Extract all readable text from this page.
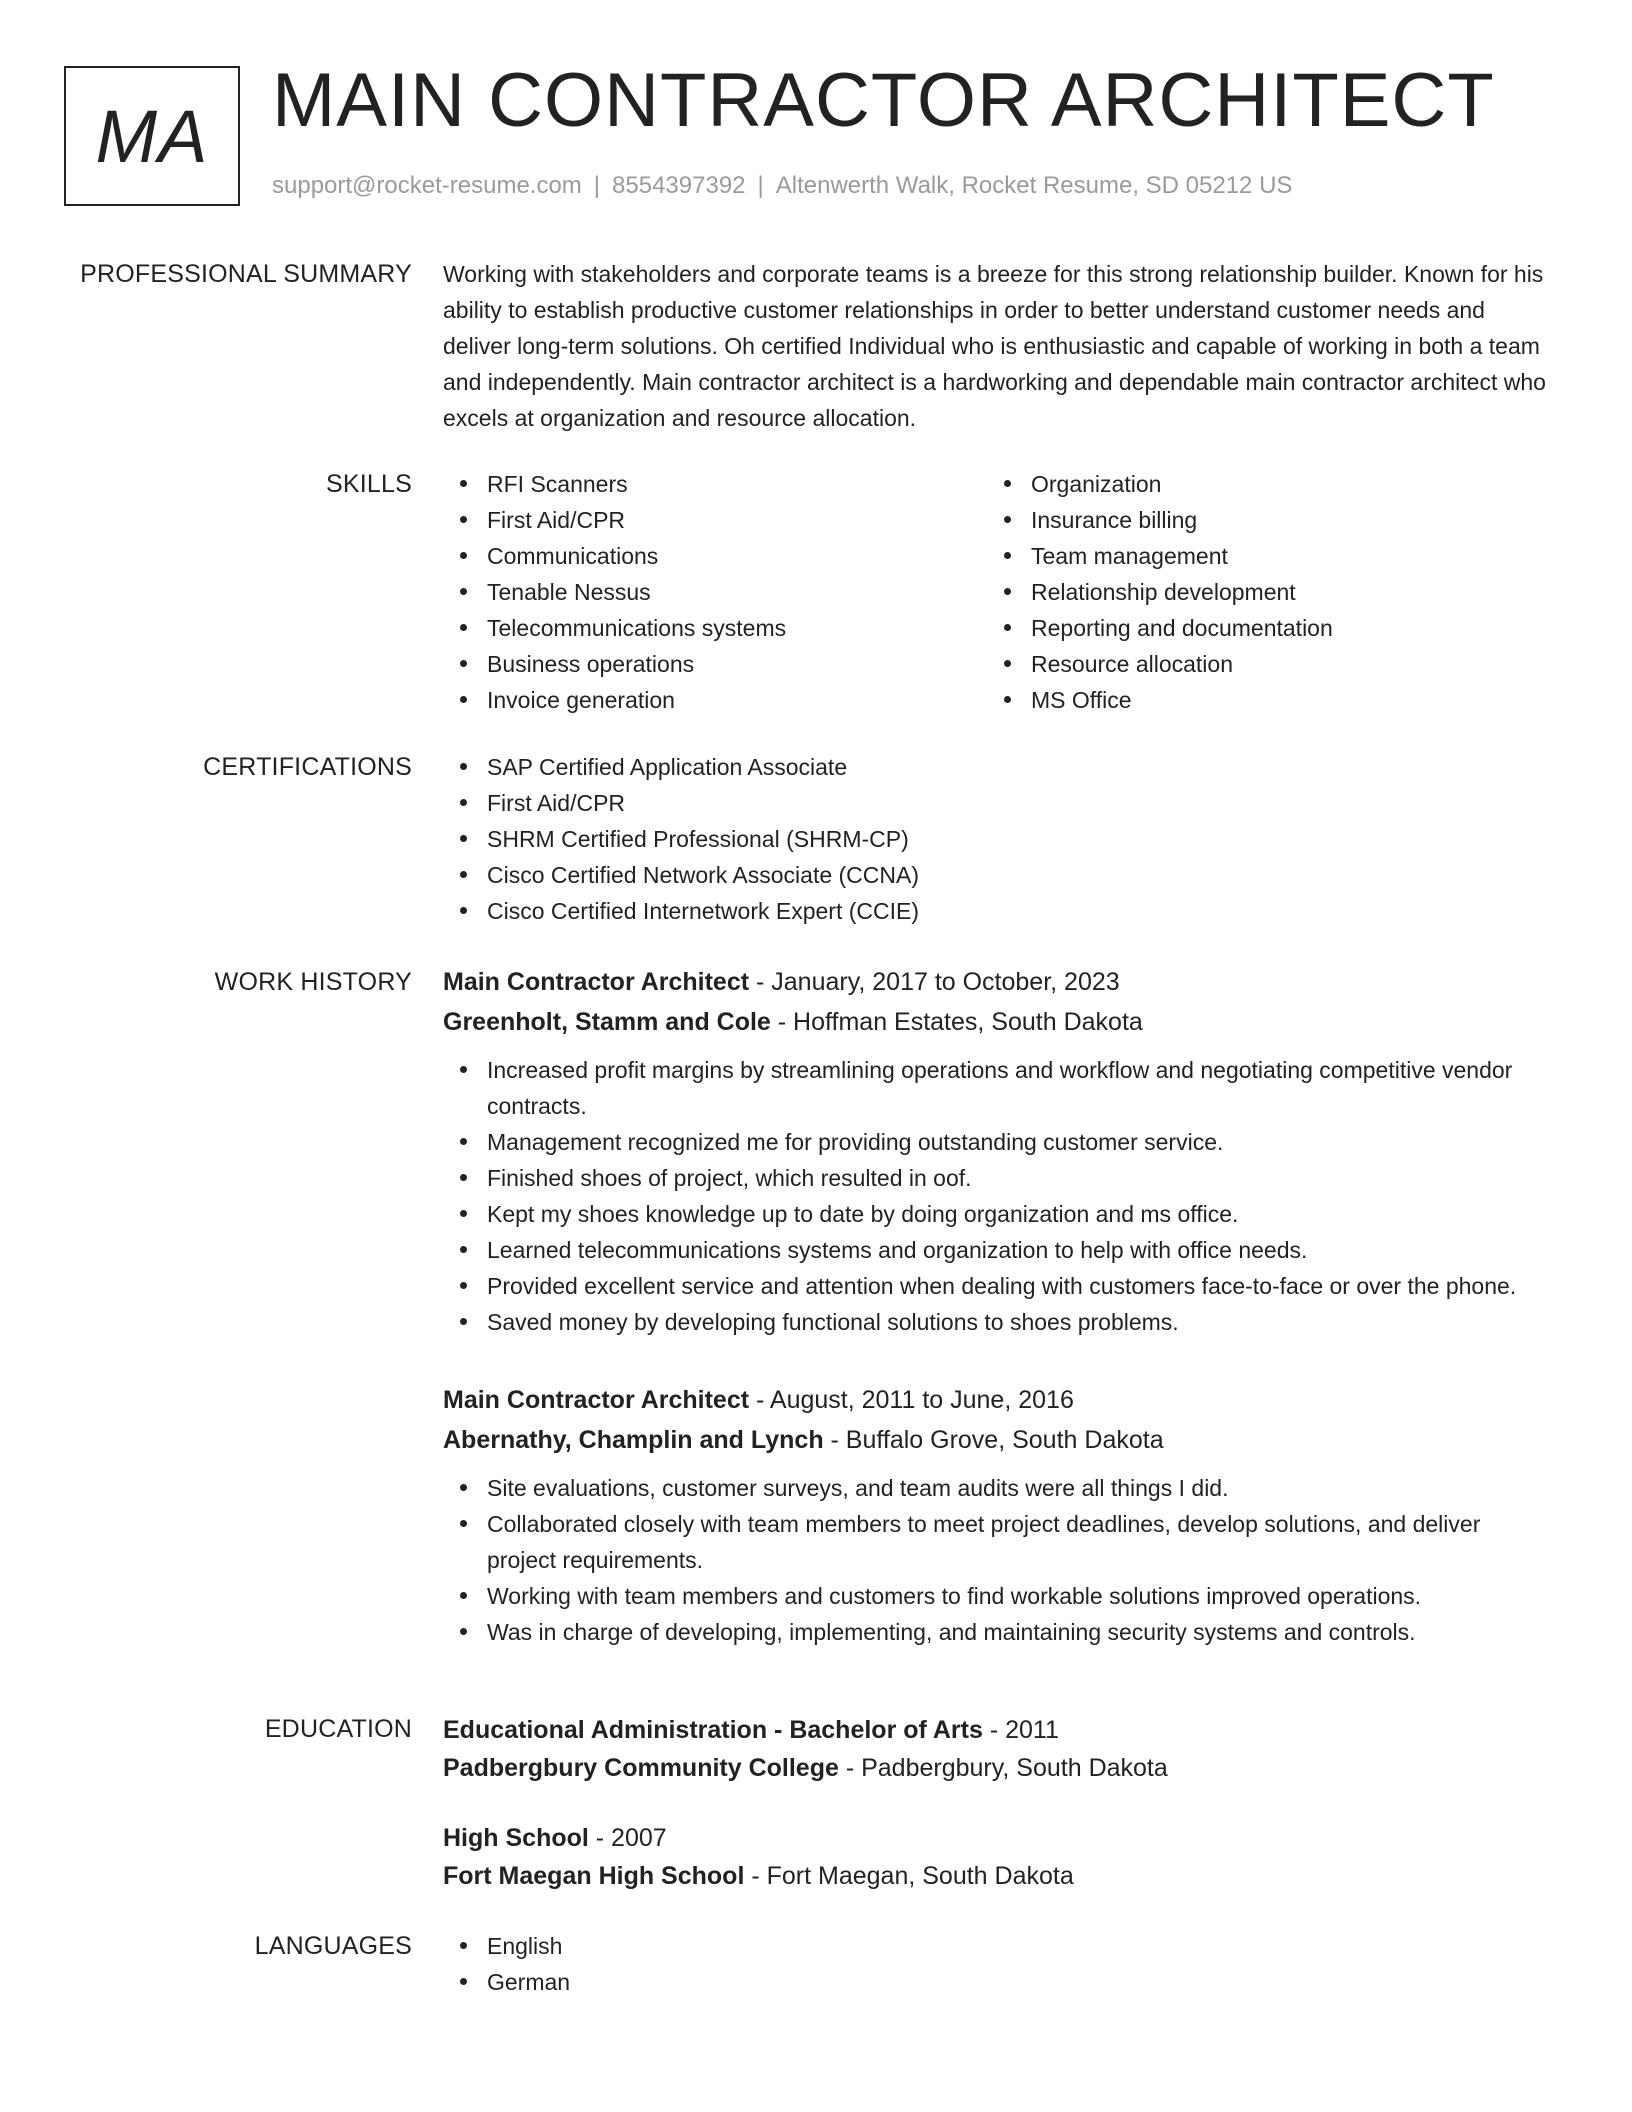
MA MAIN CONTRACTOR ARCHITECT
support@rocket-resume.com | 8554397392 | Altenwerth Walk, Rocket Resume, SD 05212 US
PROFESSIONAL SUMMARY Working with stakeholders and corporate teams is a breeze for this strong relationship builder. Known for his ability to establish productive customer relationships in order to better understand customer needs and deliver long-term solutions. Oh certified Individual who is enthusiastic and capable of working in both a team and independently. Main contractor architect is a hardworking and dependable main contractor architect who excels at organization and resource allocation.
SKILLS	RFI Scanners
First Aid/CPR
Communications
Tenable Nessus
Telecommunications systems
Business operations
Invoice generation
Organization
Insurance billing
Team management
Relationship development
Reporting and documentation
Resource allocation
MS Office
CERTIFICATIONS	SAP Certified Application Associate
First Aid/CPR
SHRM Certified Professional (SHRM-CP)
Cisco Certified Network Associate (CCNA)
Cisco Certified Internetwork Expert (CCIE)
WORK HISTORY Main Contractor Architect - January, 2017 to October, 2023
Greenholt, Stamm and Cole - Hoffman Estates, South Dakota
Increased profit margins by streamlining operations and workflow and negotiating competitive vendor contracts.
Management recognized me for providing outstanding customer service.
Finished shoes of project, which resulted in oof.
Kept my shoes knowledge up to date by doing organization and ms office.
Learned telecommunications systems and organization to help with office needs.
Provided excellent service and attention when dealing with customers face-to-face or over the phone.
Saved money by developing functional solutions to shoes problems.
Main Contractor Architect - August, 2011 to June, 2016
Abernathy, Champlin and Lynch - Buffalo Grove, South Dakota
Site evaluations, customer surveys, and team audits were all things I did.
Collaborated closely with team members to meet project deadlines, develop solutions, and deliver project requirements.
Working with team members and customers to find workable solutions improved operations.
Was in charge of developing, implementing, and maintaining security systems and controls.
EDUCATION Educational Administration - Bachelor of Arts - 2011
Padbergbury Community College - Padbergbury, South Dakota
High School - 2007
Fort Maegan High School - Fort Maegan, South Dakota
LANGUAGES	English
German
